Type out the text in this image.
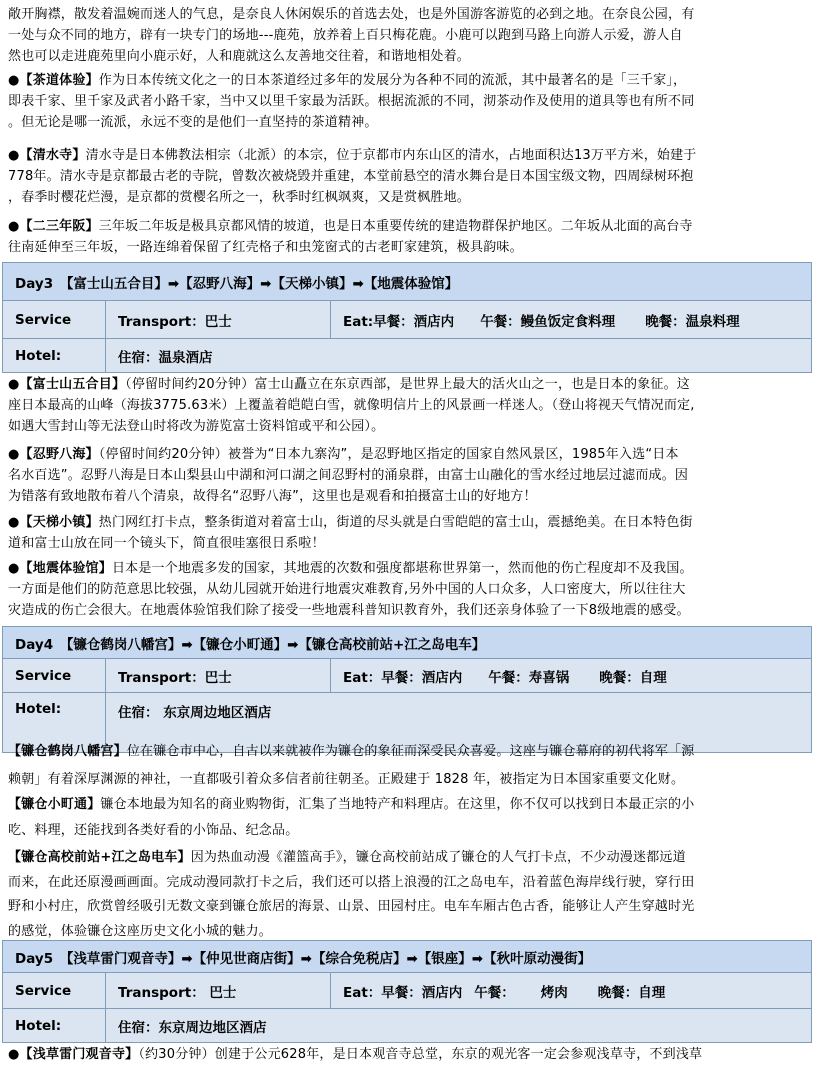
敞开胸襟，散发着温婉而迷人的气息，是奈良人休闲娱乐的首选去处，也是外国游客游览的必到之地。在奈良公园，有
一处与众不同的地方，辟有一块专门的场地---鹿苑，放养着上百只梅花鹿。小鹿可以跑到马路上向游人示爱，游人自
然也可以走进鹿苑里向小鹿示好，人和鹿就这么友善地交往着，和谐地相处着。

●【茶道体验】作为日本传统文化之一的日本茶道经过多年的发展分为各种不同的流派，其中最著名的是「三千家」，
即表千家、里千家及武者小路千家，当中又以里千家最为活跃。根据流派的不同，沏茶动作及使用的道具等也有所不同
。但无论是哪一流派，永远不变的是他们一直坚持的茶道精神。

●【清水寺】清水寺是日本佛教法相宗（北派）的本宗，位于京都市内东山区的清水，占地面积达13万平方米，始建于
778年。清水寺是京都最古老的寺院，曾数次被烧毁并重建，本堂前悬空的清水舞台是日本国宝级文物，四周绿树环抱
，春季时樱花烂漫，是京都的赏樱名所之一，秋季时红枫飒爽，又是赏枫胜地。

●【二三年阪】三年坂二年坂是极具京都风情的坡道，也是日本重要传统的建造物群保护地区。二年坂从北面的高台寺
往南延伸至三年坂，一路连绵着保留了红壳格子和虫笼窗式的古老町家建筑，极具韵味。

Day3　【富士山五合目】➡【忍野八海】➡【天梯小镇】➡【地震体验馆】		
Service	Transport：巴士	Eat:早餐：酒店内 午餐：鳗鱼饭定食料理 晚餐：温泉料理
Hotel:	住宿：温泉酒店	

●【富士山五合目】（停留时间约20分钟）富士山矗立在东京西部，是世界上最大的活火山之一，也是日本的象征。这
座日本最高的山峰（海拔3775.63米）上覆盖着皑皑白雪，就像明信片上的风景画一样迷人。（登山将视天气情况而定,
如遇大雪封山等无法登山时将改为游览富士资料馆或平和公园）。

●【忍野八海】（停留时间约20分钟）被誉为“日本九寨沟”，是忍野地区指定的国家自然风景区，1985年入选“日本
名水百选”。忍野八海是日本山梨县山中湖和河口湖之间忍野村的涌泉群，由富士山融化的雪水经过地层过滤而成。因
为错落有致地散布着八个清泉，故得名“忍野八海”，这里也是观看和拍摄富士山的好地方！

●【天梯小镇】热门网红打卡点，整条街道对着富士山，街道的尽头就是白雪皑皑的富士山，震撼绝美。在日本特色街
道和富士山放在同一个镜头下，简直很哇塞很日系啦！

●【地震体验馆】日本是一个地震多发的国家，其地震的次数和强度都堪称世界第一，然而他的伤亡程度却不及我国。
一方面是他们的防范意思比较强，从幼儿园就开始进行地震灾难教育,另外中国的人口众多，人口密度大，所以往往大
灾造成的伤亡会很大。在地震体验馆我们除了接受一些地震科普知识教育外，我们还亲身体验了一下8级地震的感受。

Day4　【镰仓鹤岗八幡宫】➡【镰仓小町通】➡【镰仓高校前站+江之岛电车】		
Service	Transport：巴士	Eat：早餐：酒店内 午餐：寿喜锅 晚餐：自理
Hotel:	住宿： 东京周边地区酒店	

【镰仓鹤岗八幡宫】位在镰仓市中心，自古以来就被作为镰仓的象征而深受民众喜爱。这座与镰仓幕府的初代将军「源
赖朝」有着深厚渊源的神社，一直都吸引着众多信者前往朝圣。正殿建于 1828 年，被指定为日本国家重要文化财。

【镰仓小町通】镰仓本地最为知名的商业购物街，汇集了当地特产和料理店。在这里，你不仅可以找到日本最正宗的小
吃、料理，还能找到各类好看的小饰品、纪念品。

【镰仓高校前站+江之岛电车】因为热血动漫《灌篮高手》，镰仓高校前站成了镰仓的人气打卡点，不少动漫迷都远道
而来，在此还原漫画画面。完成动漫同款打卡之后，我们还可以搭上浪漫的江之岛电车，沿着蓝色海岸线行驶，穿行田
野和小村庄，欣赏曾经吸引无数文豪到镰仓旅居的海景、山景、田园村庄。电车车厢古色古香，能够让人产生穿越时光
的感觉，体验镰仓这座历史文化小城的魅力。

Day5　【浅草雷门观音寺】➡【仲见世商店街】➡【综合免税店】➡【银座】➡【秋叶原动漫街】		
Service	Transport： 巴士	Eat：早餐：酒店内 午餐： 烤肉 晚餐：自理
Hotel:	住宿：东京周边地区酒店	

●【浅草雷门观音寺】（约30分钟）创建于公元628年，是日本观音寺总堂，东京的观光客一定会参观浅草寺，不到浅草
